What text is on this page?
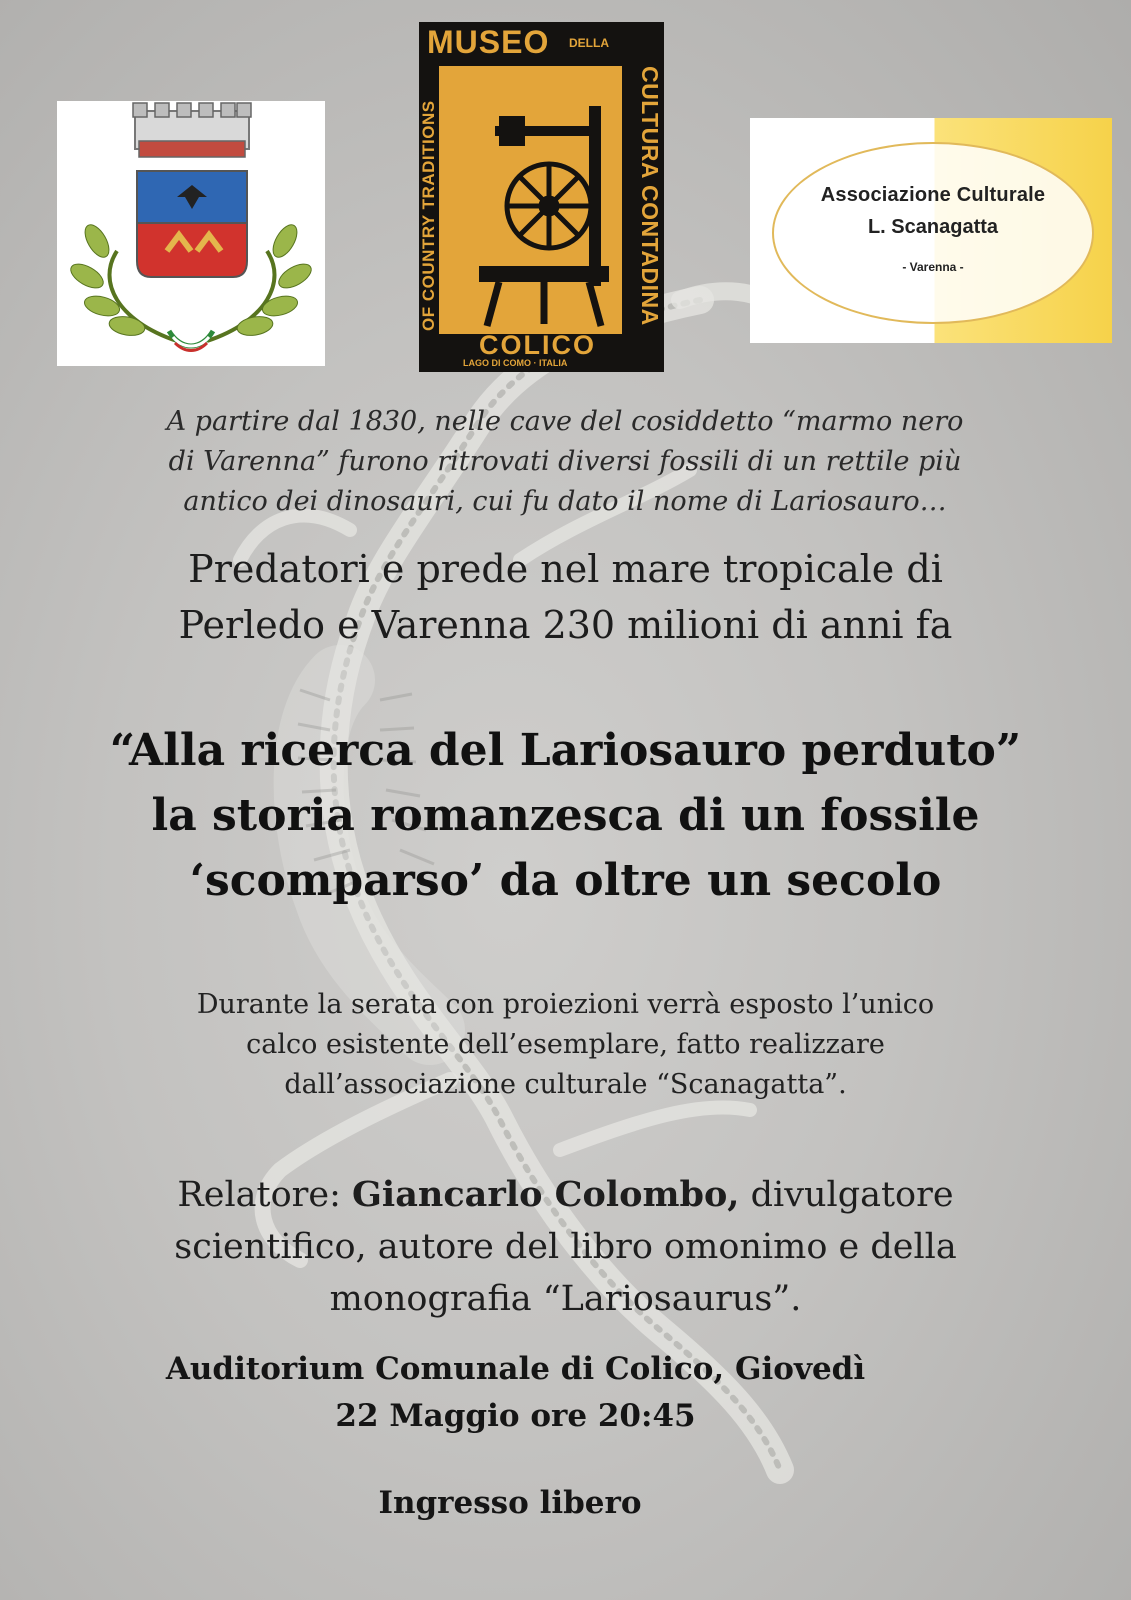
MUSEO DELLA
CULTURA CONTADINA
OF COUNTRY TRADITIONS
COLICO
LAGO DI COMO · ITALIA
Associazione Culturale
L. Scanagatta
- Varenna -
A partire dal 1830, nelle cave del cosiddetto “marmo nero
di Varenna” furono ritrovati diversi fossili di un rettile più
antico dei dinosauri, cui fu dato il nome di Lariosauro…
Predatori e prede nel mare tropicale di
Perledo e Varenna 230 milioni di anni fa
“Alla ricerca del Lariosauro perduto”
la storia romanzesca di un fossile
‘scomparso’ da oltre un secolo
Durante la serata con proiezioni verrà esposto l’unico
calco esistente dell’esemplare, fatto realizzare
dall’associazione culturale “Scanagatta”.
Relatore: Giancarlo Colombo, divulgatore
scientifico, autore del libro omonimo e della
monografia “Lariosaurus”.
Auditorium Comunale di Colico, Giovedì
22 Maggio ore 20:45
Ingresso libero
